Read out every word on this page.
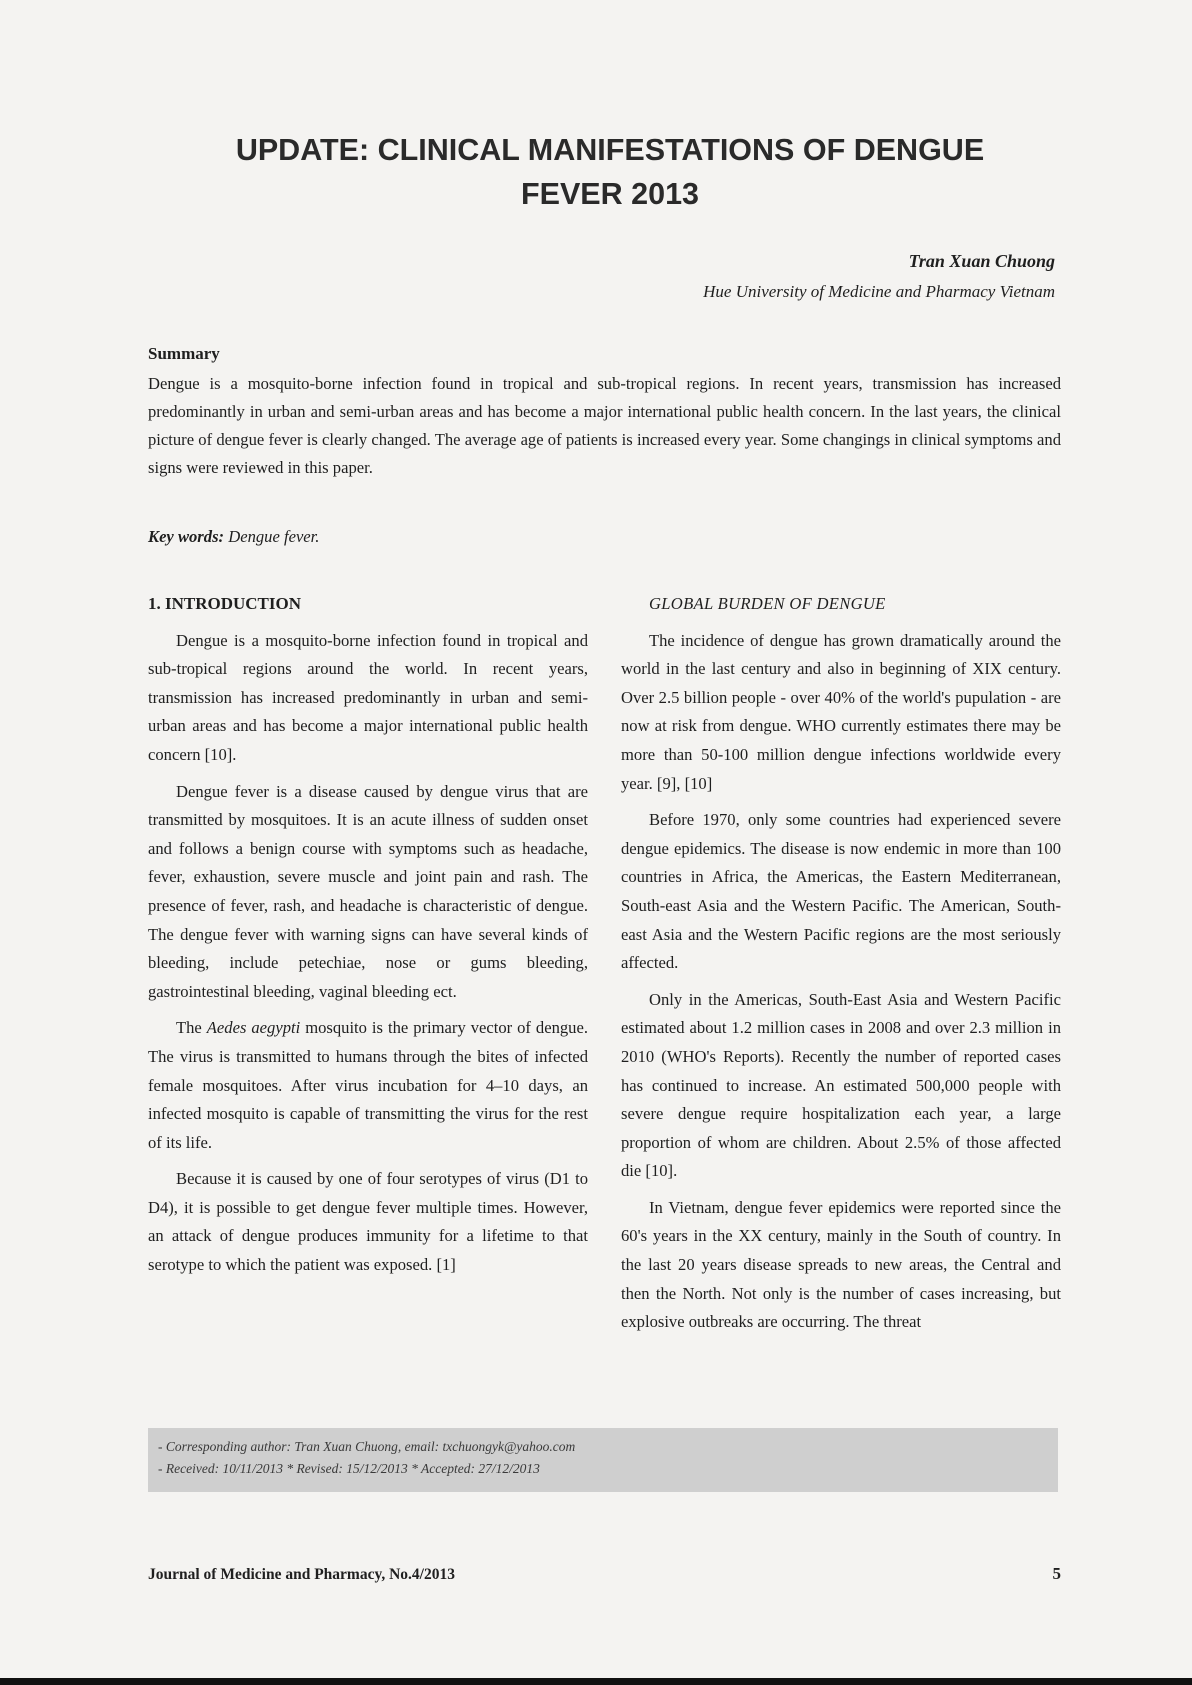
UPDATE: CLINICAL MANIFESTATIONS OF DENGUE
FEVER 2013
Tran Xuan Chuong
Hue University of Medicine and Pharmacy Vietnam
Summary
Dengue is a mosquito-borne infection found in tropical and sub-tropical regions. In recent years, transmission has increased predominantly in urban and semi-urban areas and has become a major international public health concern. In the last years, the clinical picture of dengue fever is clearly changed. The average age of patients is increased every year. Some changings in clinical symptoms and signs were reviewed in this paper.
Key words: Dengue fever.

1. INTRODUCTION

Dengue is a mosquito-borne infection found in tropical and sub-tropical regions around the world. In recent years, transmission has increased predominantly in urban and semi-urban areas and has become a major international public health concern [10].

Dengue fever is a disease caused by dengue virus that are transmitted by mosquitoes. It is an acute illness of sudden onset and follows a benign course with symptoms such as headache, fever, exhaustion, severe muscle and joint pain and rash. The presence of fever, rash, and headache is characteristic of dengue. The dengue fever with warning signs can have several kinds of bleeding, include petechiae, nose or gums bleeding, gastrointestinal bleeding, vaginal bleeding ect.

The Aedes aegypti mosquito is the primary vector of dengue. The virus is transmitted to humans through the bites of infected female mosquitoes. After virus incubation for 4–10 days, an infected mosquito is capable of transmitting the virus for the rest of its life.

Because it is caused by one of four serotypes of virus (D1 to D4), it is possible to get dengue fever multiple times. However, an attack of dengue produces immunity for a lifetime to that serotype to which the patient was exposed. [1]

GLOBAL BURDEN OF DENGUE

The incidence of dengue has grown dramatically around the world in the last century and also in beginning of XIX century. Over 2.5 billion people - over 40% of the world's pupulation - are now at risk from dengue. WHO currently estimates there may be more than 50-100 million dengue infections worldwide every year. [9], [10]

Before 1970, only some countries had experienced severe dengue epidemics. The disease is now endemic in more than 100 countries in Africa, the Americas, the Eastern Mediterranean, South-east Asia and the Western Pacific. The American, South-east Asia and the Western Pacific regions are the most seriously affected.

Only in the Americas, South-East Asia and Western Pacific estimated about 1.2 million cases in 2008 and over 2.3 million in 2010 (WHO's Reports). Recently the number of reported cases has continued to increase. An estimated 500,000 people with severe dengue require hospitalization each year, a large proportion of whom are children. About 2.5% of those affected die [10].

In Vietnam, dengue fever epidemics were reported since the 60's years in the XX century, mainly in the South of country. In the last 20 years disease spreads to new areas, the Central and then the North. Not only is the number of cases increasing, but explosive outbreaks are occurring. The threat

- Corresponding author: Tran Xuan Chuong, email: txchuongyk@yahoo.com
- Received: 10/11/2013 * Revised: 15/12/2013 * Accepted: 27/12/2013
Journal of Medicine and Pharmacy, No.4/2013	5
